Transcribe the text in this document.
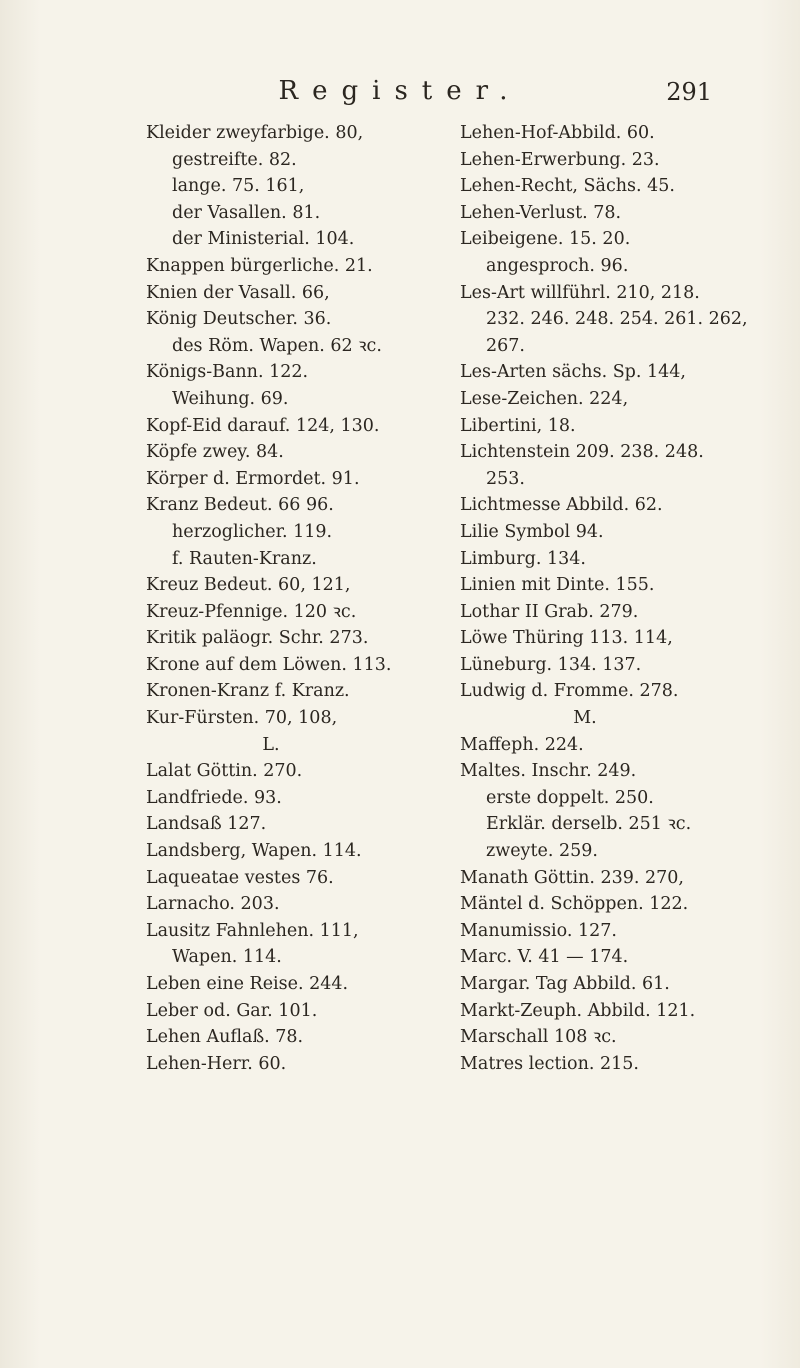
Register.	291
Kleider zweyfarbige. 80,
gestreifte. 82.
lange. 75. 161,
der Vasallen. 81.
der Ministerial. 104.
Knappen bürgerliche. 21.
Knien der Vasall. 66,
König Deutscher. 36.
des Röm. Wapen. 62 ꝛc.
Königs-Bann. 122.
Weihung. 69.
Kopf-Eid darauf. 124, 130.
Köpfe zwey. 84.
Körper d. Ermordet. 91.
Kranz Bedeut. 66 96.
herzoglicher. 119.
f. Rauten-Kranz.
Kreuz Bedeut. 60, 121,
Kreuz-Pfennige. 120 ꝛc.
Kritik paläogr. Schr. 273.
Krone auf dem Löwen. 113.
Kronen-Kranz f. Kranz.
Kur-Fürsten. 70, 108,
L.
Lalat Göttin. 270.
Landfriede. 93.
Landsaß 127.
Landsberg, Wapen. 114.
Laqueatae vestes 76.
Larnacho. 203.
Lausitz Fahnlehen. 111,
Wapen. 114.
Leben eine Reise. 244.
Leber od. Gar. 101.
Lehen Auflaß. 78.
Lehen-Herr. 60.
Lehen-Hof-Abbild. 60.
Lehen-Erwerbung. 23.
Lehen-Recht, Sächs. 45.
Lehen-Verlust. 78.
Leibeigene. 15. 20.
angesproch. 96.
Les-Art willführl. 210, 218.
232. 246. 248. 254. 261. 262,
267.
Les-Arten sächs. Sp. 144,
Lese-Zeichen. 224,
Libertini, 18.
Lichtenstein 209. 238. 248.
253.
Lichtmesse Abbild. 62.
Lilie Symbol 94.
Limburg. 134.
Linien mit Dinte. 155.
Lothar II Grab. 279.
Löwe Thüring 113. 114,
Lüneburg. 134. 137.
Ludwig d. Fromme. 278.
M.
Maffeph. 224.
Maltes. Inschr. 249.
erste doppelt. 250.
Erklär. derselb. 251 ꝛc.
zweyte. 259.
Manath Göttin. 239. 270,
Mäntel d. Schöppen. 122.
Manumissio. 127.
Marc. V. 41 — 174.
Margar. Tag Abbild. 61.
Markt-Zeuph. Abbild. 121.
Marschall 108 ꝛc.
Matres lection. 215.
